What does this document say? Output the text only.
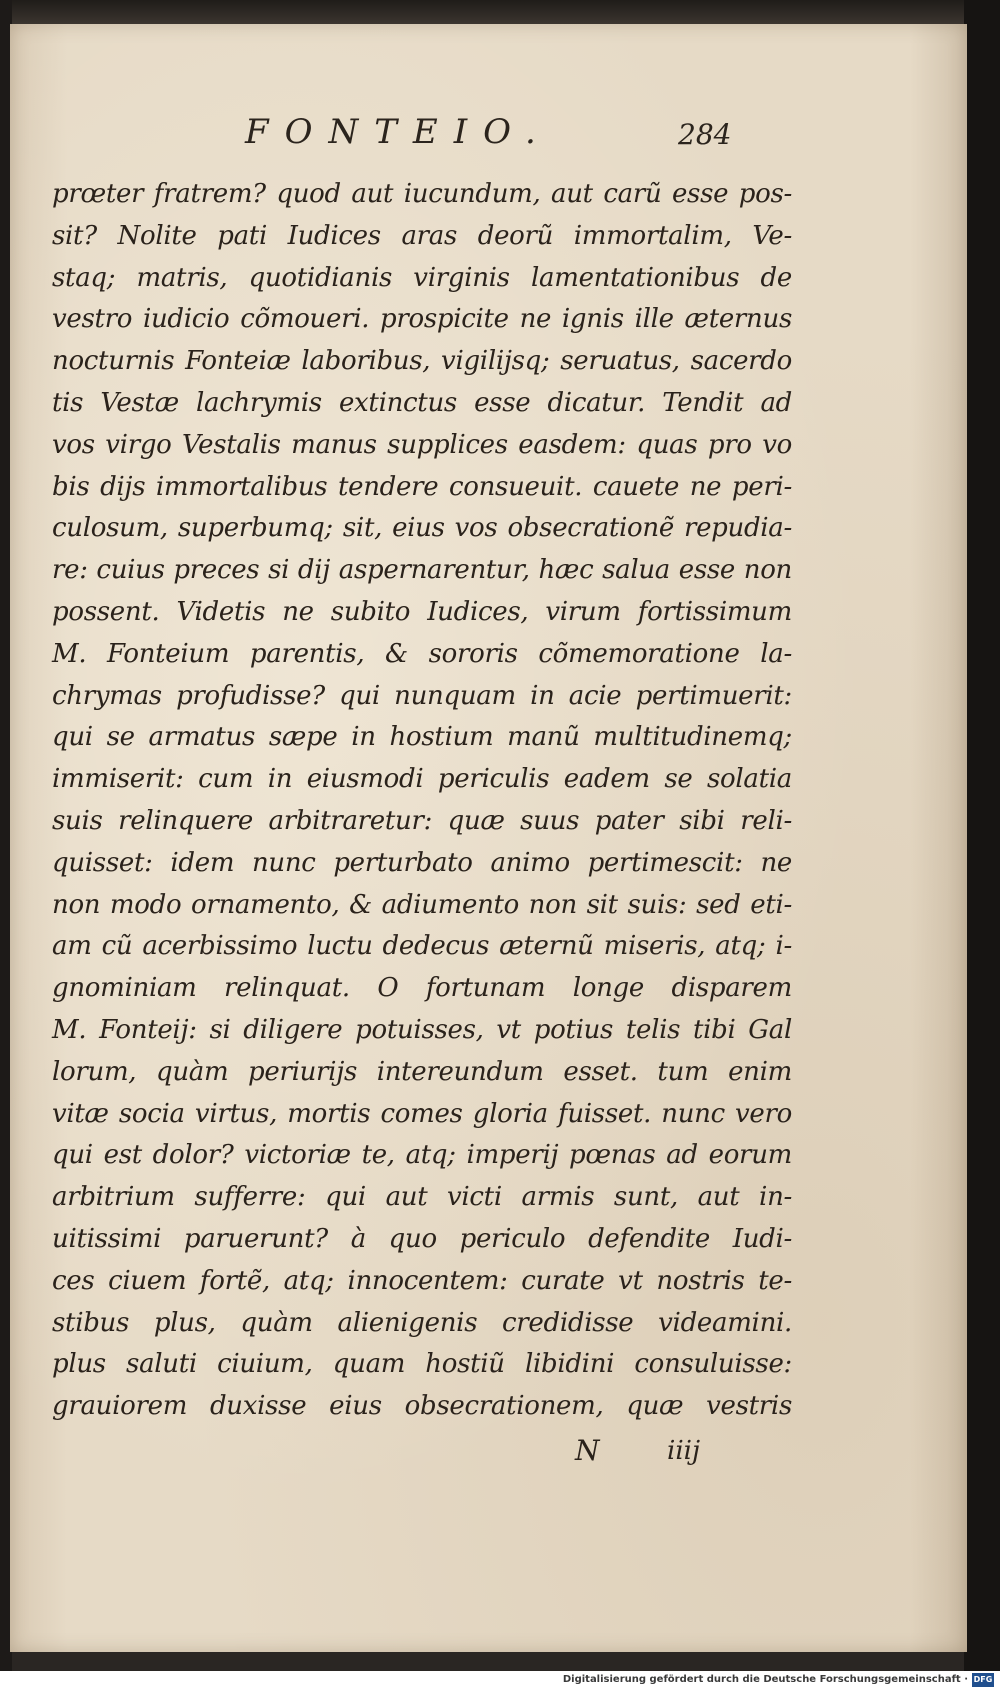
FONTEIO.	284
prœter fratrem? quod aut iucundum, aut carũ esse pos-
sit? Nolite pati Iudices aras deorũ immortalim, Ve-
staq; matris, quotidianis virginis lamentationibus de
vestro iudicio cõmoueri. prospicite ne ignis ille æternus
nocturnis Fonteiæ laboribus, vigilijsq; seruatus, sacerdo
tis Vestæ lachrymis extinctus esse dicatur. Tendit ad
vos virgo Vestalis manus supplices easdem: quas pro vo
bis dijs immortalibus tendere consueuit. cauete ne peri-
culosum, superbumq; sit, eius vos obsecrationẽ repudia-
re: cuius preces si dij aspernarentur, hæc salua esse non
possent. Videtis ne subito Iudices, virum fortissimum
M. Fonteium parentis, & sororis cõmemoratione la-
chrymas profudisse? qui nunquam in acie pertimuerit:
qui se armatus sæpe in hostium manũ multitudinemq;
immiserit: cum in eiusmodi periculis eadem se solatia
suis relinquere arbitraretur: quæ suus pater sibi reli-
quisset: idem nunc perturbato animo pertimescit: ne
non modo ornamento, & adiumento non sit suis: sed eti-
am cũ acerbissimo luctu dedecus æternũ miseris, atq; i-
gnominiam relinquat. O fortunam longe disparem
M. Fonteij: si diligere potuisses, vt potius telis tibi Gal
lorum, quàm periurijs intereundum esset. tum enim
vitæ socia virtus, mortis comes gloria fuisset. nunc vero
qui est dolor? victoriæ te, atq; imperij pœnas ad eorum
arbitrium sufferre: qui aut victi armis sunt, aut in-
uitissimi paruerunt? à quo periculo defendite Iudi-
ces ciuem fortẽ, atq; innocentem: curate vt nostris te-
stibus plus, quàm alienigenis credidisse videamini.
plus saluti ciuium, quam hostiũ libidini consuluisse:
grauiorem duxisse eius obsecrationem, quæ vestris
N	iiij
Digitalisierung gefördert durch die Deutsche Forschungsgemeinschaft · DFG
